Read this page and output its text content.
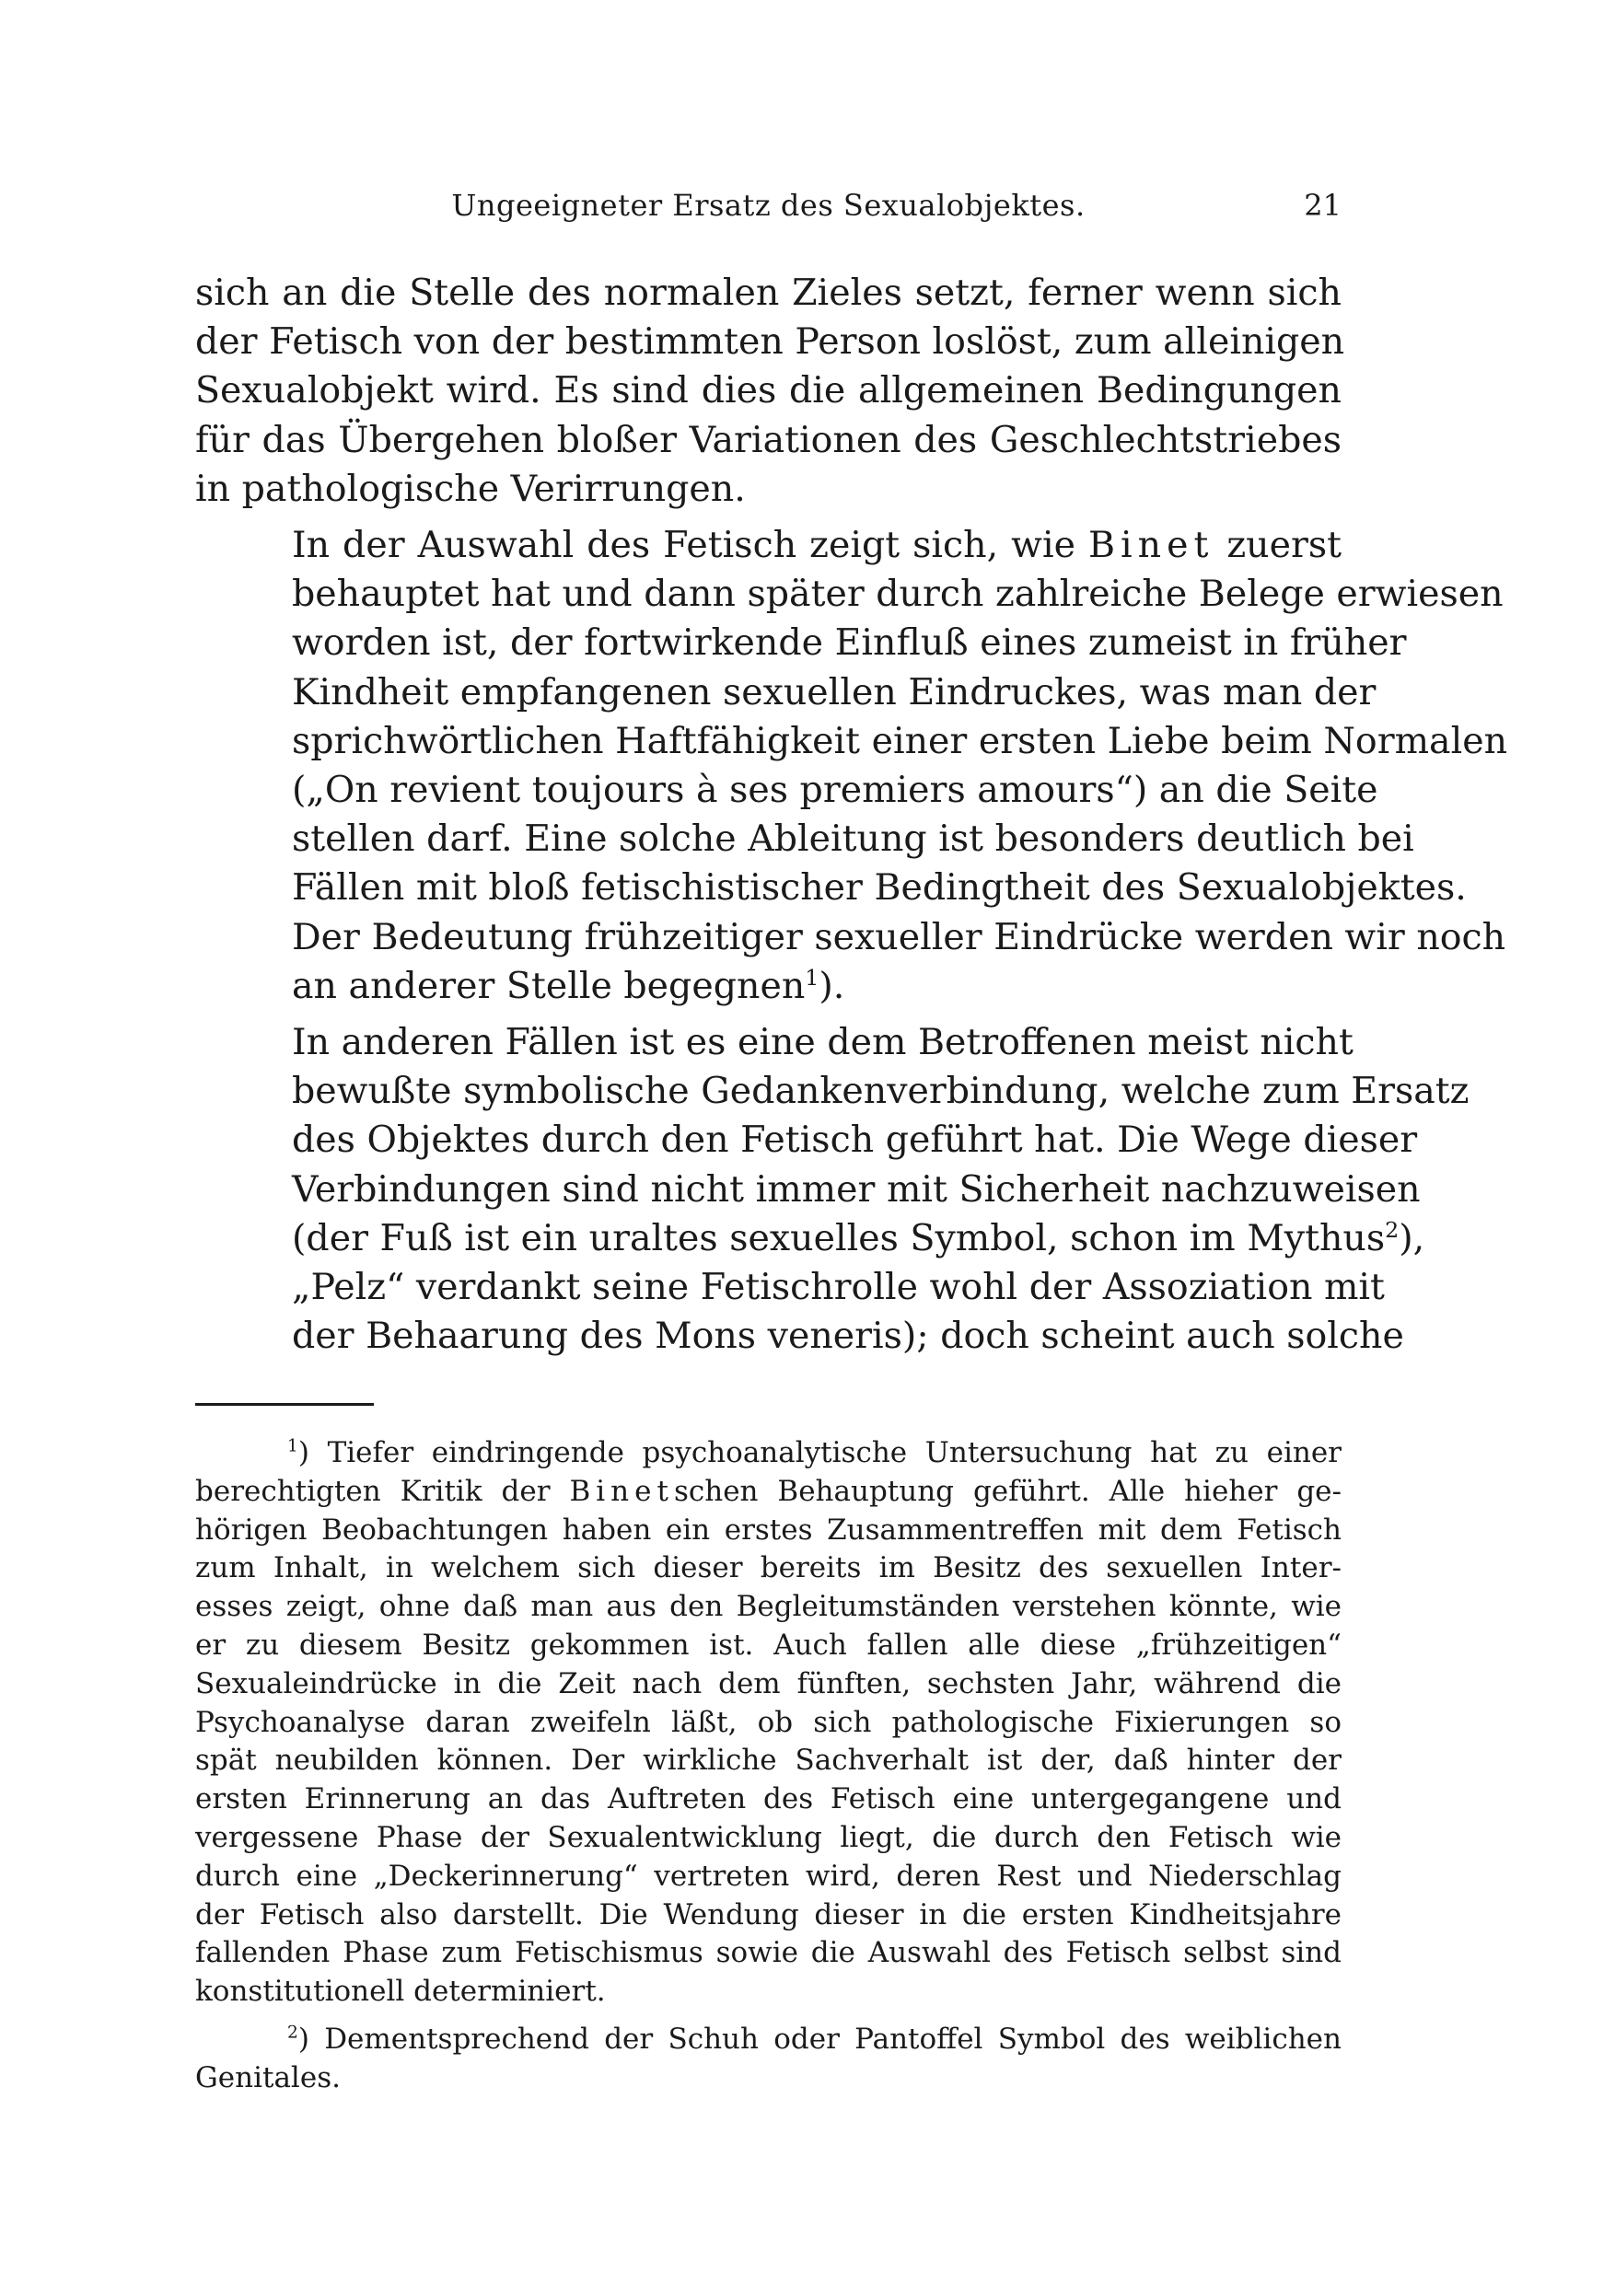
Ungeeigneter Ersatz des Sexualobjektes.	21

sich an die Stelle des normalen Zieles setzt, ferner wenn sich
der Fetisch von der bestimmten Person loslöst, zum alleinigen
Sexualobjekt wird. Es sind dies die allgemeinen Bedingungen
für das Übergehen bloßer Variationen des Geschlechtstriebes
in pathologische Verirrungen.

In der Auswahl des Fetisch zeigt sich, wie Binet zuerst
behauptet hat und dann später durch zahlreiche Belege erwiesen
worden ist, der fortwirkende Einfluß eines zumeist in früher
Kindheit empfangenen sexuellen Eindruckes, was man der
sprichwörtlichen Haftfähigkeit einer ersten Liebe beim Normalen
(„On revient toujours à ses premiers amours“) an die Seite
stellen darf. Eine solche Ableitung ist besonders deutlich bei
Fällen mit bloß fetischistischer Bedingtheit des Sexualobjektes.
Der Bedeutung frühzeitiger sexueller Eindrücke werden wir noch
an anderer Stelle begegnen$^1$).

In anderen Fällen ist es eine dem Betroffenen meist nicht
bewußte symbolische Gedankenverbindung, welche zum Ersatz
des Objektes durch den Fetisch geführt hat. Die Wege dieser
Verbindungen sind nicht immer mit Sicherheit nachzuweisen
(der Fuß ist ein uraltes sexuelles Symbol, schon im Mythus$^2$),
„Pelz“ verdankt seine Fetischrolle wohl der Assoziation mit
der Behaarung des Mons veneris); doch scheint auch solche

$^1$) Tiefer eindringende psychoanalytische Untersuchung hat zu einer
berechtigten Kritik der Binetschen Behauptung geführt. Alle hieher ge-
hörigen Beobachtungen haben ein erstes Zusammentreffen mit dem Fetisch
zum Inhalt, in welchem sich dieser bereits im Besitz des sexuellen Inter-
esses zeigt, ohne daß man aus den Begleitumständen verstehen könnte, wie
er zu diesem Besitz gekommen ist. Auch fallen alle diese „frühzeitigen“
Sexualeindrücke in die Zeit nach dem fünften, sechsten Jahr, während die
Psychoanalyse daran zweifeln läßt, ob sich pathologische Fixierungen so
spät neubilden können. Der wirkliche Sachverhalt ist der, daß hinter der
ersten Erinnerung an das Auftreten des Fetisch eine untergegangene und
vergessene Phase der Sexualentwicklung liegt, die durch den Fetisch wie
durch eine „Deckerinnerung“ vertreten wird, deren Rest und Niederschlag
der Fetisch also darstellt. Die Wendung dieser in die ersten Kindheitsjahre
fallenden Phase zum Fetischismus sowie die Auswahl des Fetisch selbst sind
konstitutionell determiniert.

$^2$) Dementsprechend der Schuh oder Pantoffel Symbol des weiblichen
Genitales.
